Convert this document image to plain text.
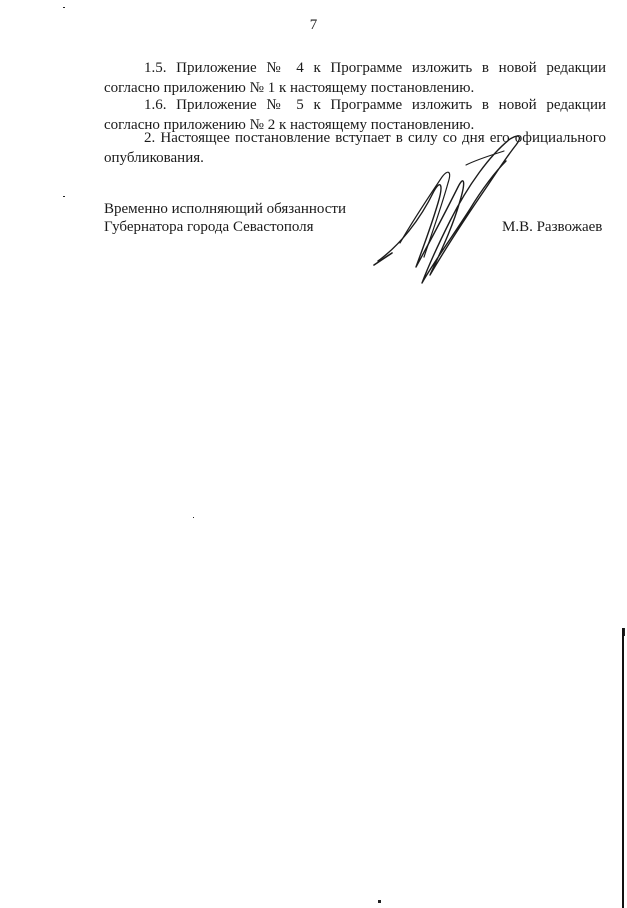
7

1.5. Приложение № 4 к Программе изложить в новой редакции
согласно приложению № 1 к настоящему постановлению.

1.6. Приложение № 5 к Программе изложить в новой редакции
согласно приложению № 2 к настоящему постановлению.

2. Настоящее постановление вступает в силу со дня его официального
опубликования.

Временно исполняющий обязанности
Губернатора города Севастополя	М.В. Развожаев
